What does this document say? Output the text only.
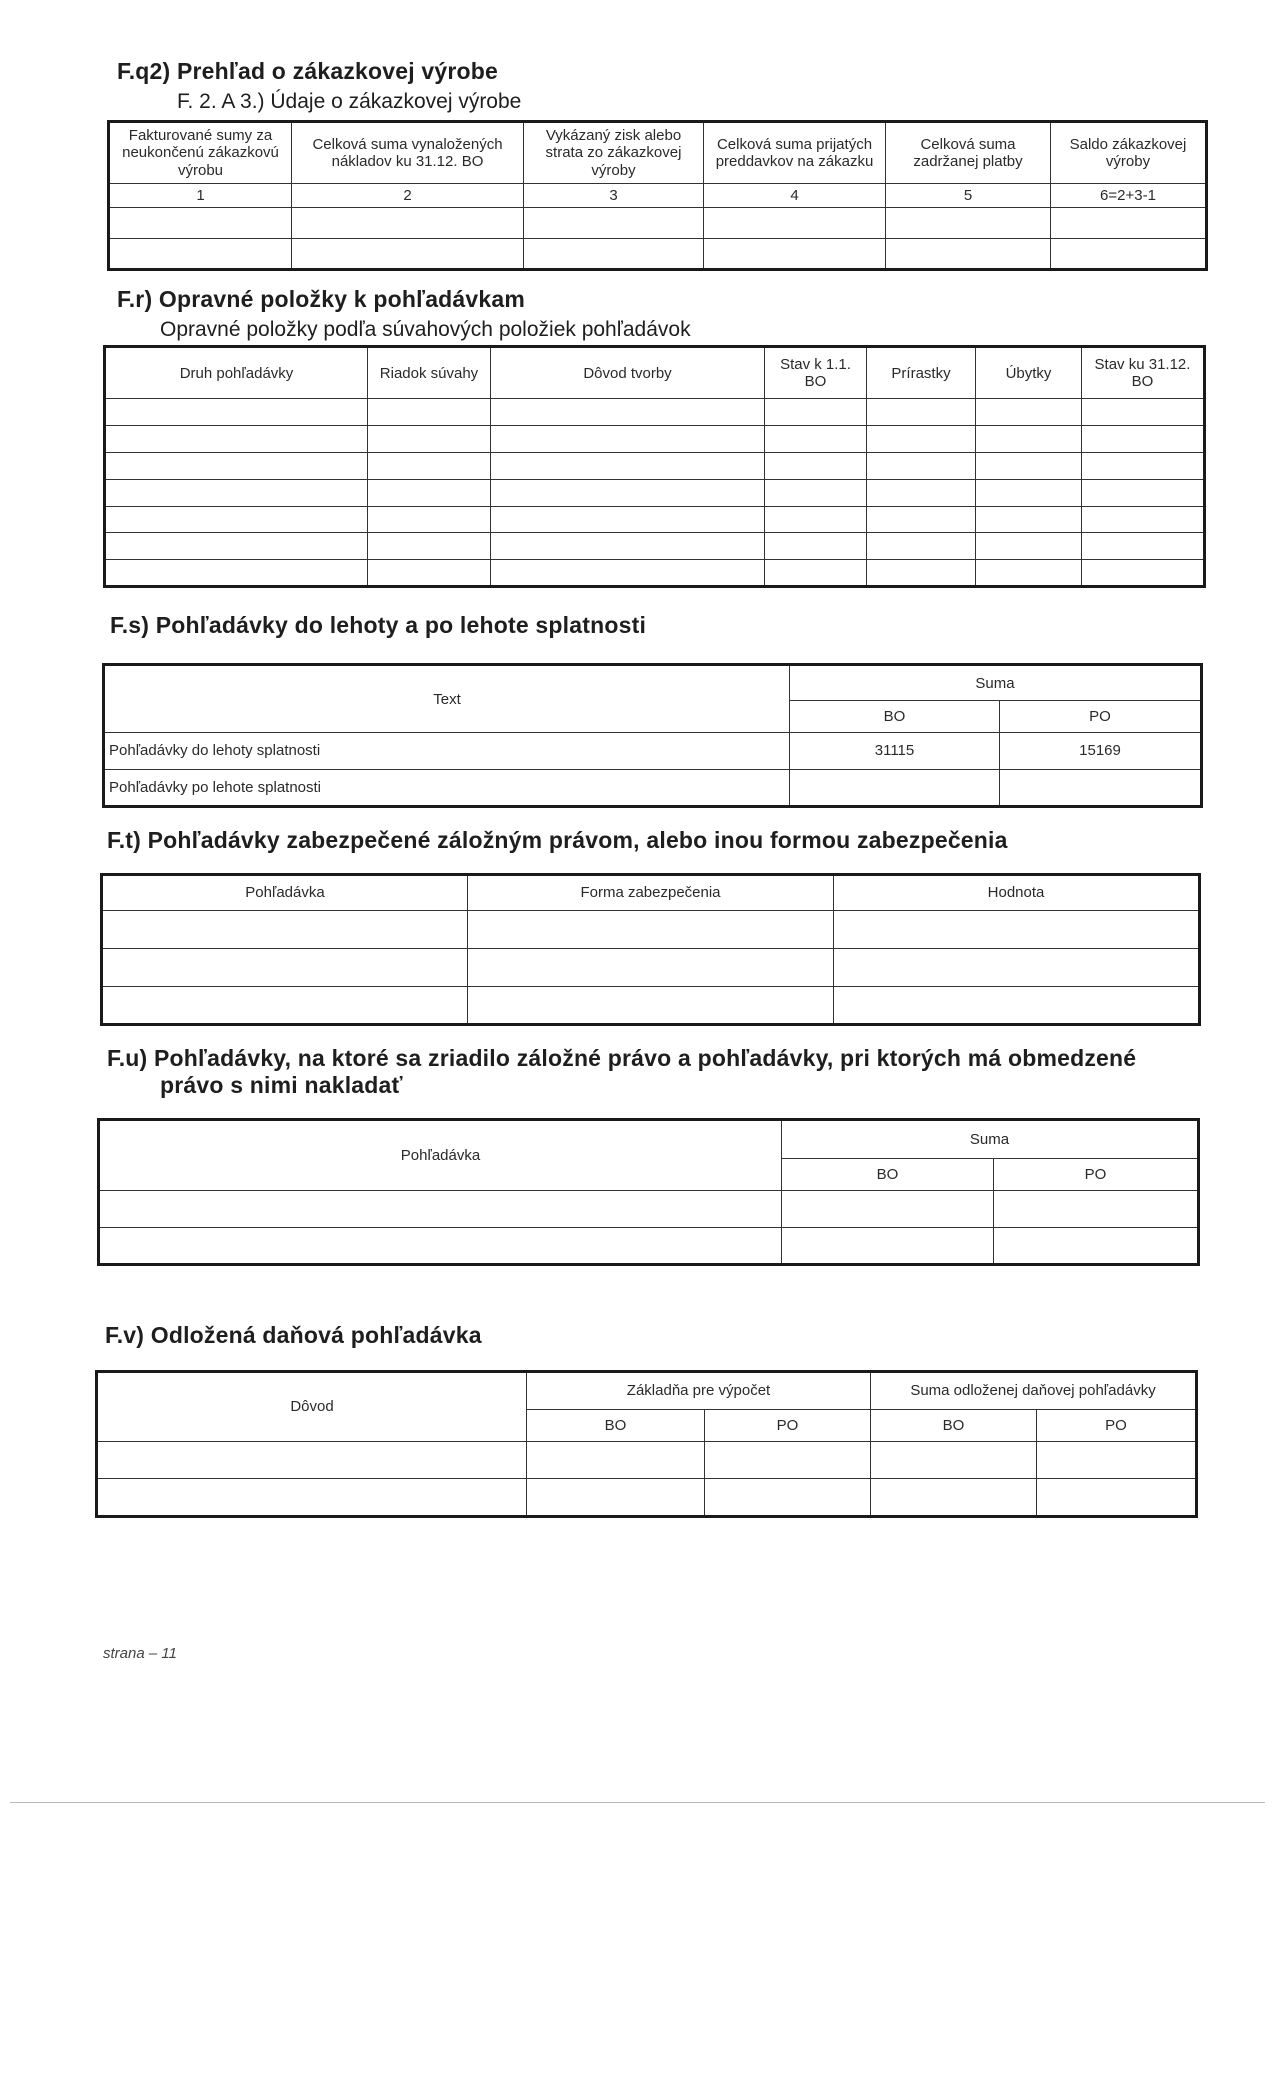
F.q2) Prehľad o zákazkovej výrobe
F. 2. A 3.) Údaje o zákazkovej výrobe
Fakturované sumy za neukončenú zákazkovú výrobu	Celková suma vynaložených nákladov ku 31.12. BO	Vykázaný zisk alebo strata zo zákazkovej výroby	Celková suma prijatých preddavkov na zákazku	Celková suma zadržanej platby	Saldo zákazkovej výroby
1	2	3	4	5	6=2+3-1

F.r) Opravné položky k pohľadávkam
Opravné položky podľa súvahových položiek pohľadávok
Druh pohľadávky	Riadok súvahy	Dôvod tvorby	Stav k 1.1. BO	Prírastky	Úbytky	Stav ku 31.12. BO

F.s) Pohľadávky do lehoty a po lehote splatnosti
Text	Suma	
	BO	PO
Pohľadávky do lehoty splatnosti	31115	15169
Pohľadávky po lehote splatnosti		
F.t) Pohľadávky zabezpečené záložným právom, alebo inou formou zabezpečenia
Pohľadávka	Forma zabezpečenia	Hodnota

F.u) Pohľadávky, na ktoré sa zriadilo záložné právo a pohľadávky, pri ktorých má obmedzené
právo s nimi nakladať
Pohľadávka	Suma	
	BO	PO

F.v) Odložená daňová pohľadávka
Dôvod	Základňa pre výpočet		Suma odloženej daňovej pohľadávky	
	BO	PO	BO	PO

strana – 11
